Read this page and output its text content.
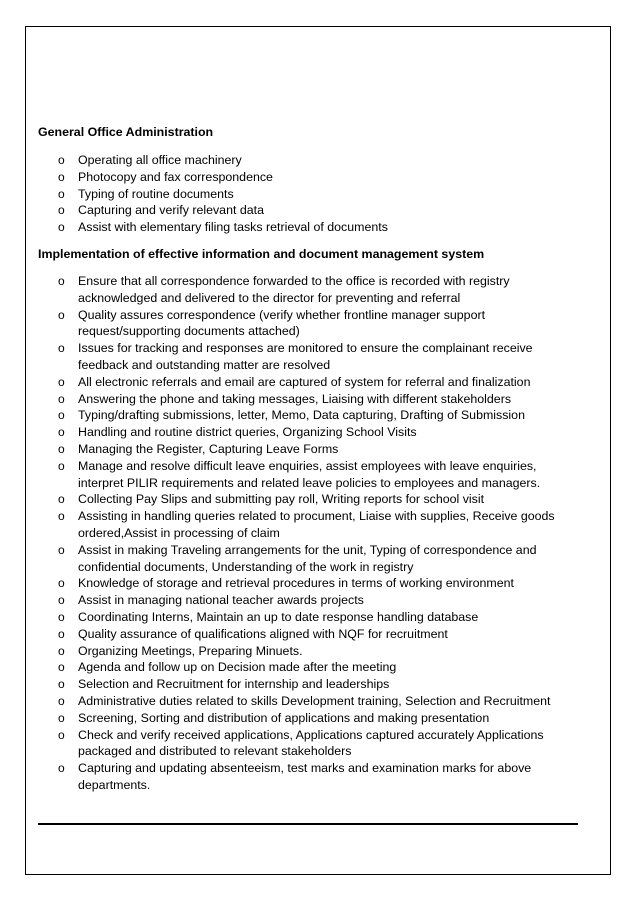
General Office Administration

o Operating all office machinery
o Photocopy and fax correspondence
o Typing of routine documents
o Capturing and verify relevant data
o Assist with elementary filing tasks retrieval of documents

Implementation of effective information and document management system

o Ensure that all correspondence forwarded to the office is recorded with registry acknowledged and delivered to the director for preventing and referral
o Quality assures correspondence (verify whether frontline manager support request/supporting documents attached)
o Issues for tracking and responses are monitored to ensure the complainant receive feedback and outstanding matter are resolved
o All electronic referrals and email are captured of system for referral and finalization
o Answering the phone and taking messages, Liaising with different stakeholders
o Typing/drafting submissions, letter, Memo, Data capturing, Drafting of Submission
o Handling and routine district queries, Organizing School Visits
o Managing the Register, Capturing Leave Forms
o Manage and resolve difficult leave enquiries, assist employees with leave enquiries, interpret PILIR requirements and related leave policies to employees and managers.
o Collecting Pay Slips and submitting pay roll, Writing reports for school visit
o Assisting in handling queries related to procument, Liaise with supplies, Receive goods ordered,Assist in processing of claim
o Assist in making Traveling arrangements for the unit, Typing of correspondence and confidential documents, Understanding of the work in registry
o Knowledge of storage and retrieval procedures in terms of working environment
o Assist in managing national teacher awards projects
o Coordinating Interns, Maintain an up to date response handling database
o Quality assurance of qualifications aligned with NQF for recruitment
o Organizing Meetings, Preparing Minuets.
o Agenda and follow up on Decision made after the meeting
o Selection and Recruitment for internship and leaderships
o Administrative duties related to skills Development training, Selection and Recruitment
o Screening, Sorting and distribution of applications and making presentation
o Check and verify received applications, Applications captured accurately Applications packaged and distributed to relevant stakeholders
o Capturing and updating absenteeism, test marks and examination marks for above departments.
